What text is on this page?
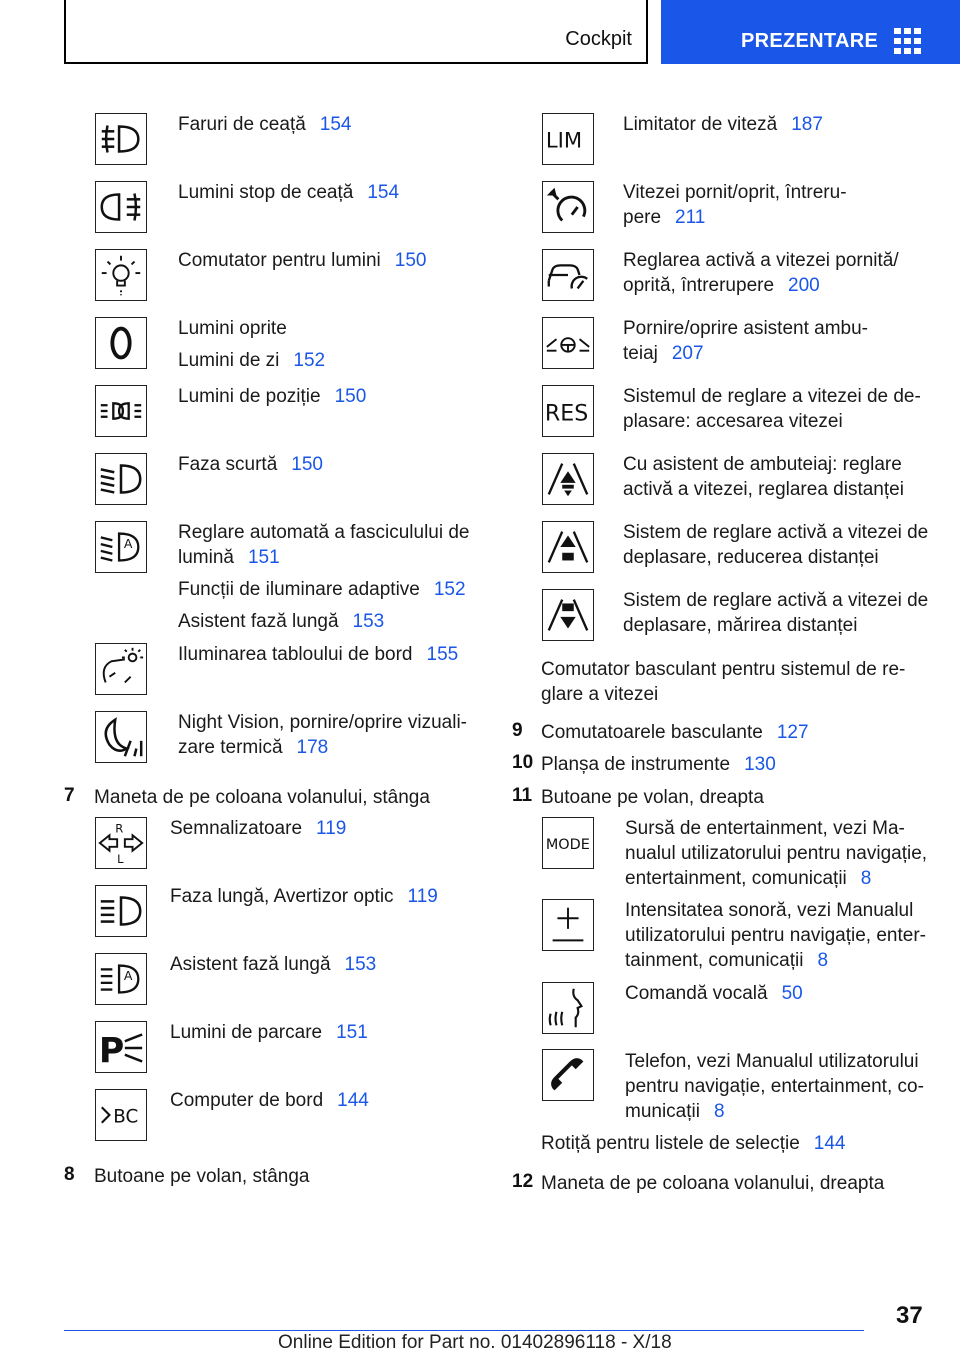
Cockpit	PREZENTARE
Faruri de ceață 154
Lumini stop de ceață 154
Comutator pentru lumini 150
Lumini oprite
Lumini de zi 152
Lumini de poziție 150
Faza scurtă 150
A
Reglare automată a fasciculului de
lumină 151
Funcții de iluminare adaptive 152
Asistent fază lungă 153
Iluminarea tabloului de bord 155
Night Vision, pornire/oprire vizuali-
zare termică 178
7 Maneta de pe coloana volanului, stânga
R
L
Semnalizatoare 119
Faza lungă, Avertizor optic 119
A
Asistent fază lungă 153
P Lumini de parcare 151
BC
Computer de bord 144
8 Butoane pe volan, stânga
LIM
Limitator de viteză 187
Vitezei pornit/oprit, întreru-
pere 211
Reglarea activă a vitezei pornită/
oprită, întrerupere 200
Pornire/oprire asistent ambu-
teiaj 207
RES
Sistemul de reglare a vitezei de de-
plasare: accesarea vitezei
Cu asistent de ambuteiaj: reglare
activă a vitezei, reglarea distanței
Sistem de reglare activă a vitezei de
deplasare, reducerea distanței
Sistem de reglare activă a vitezei de
deplasare, mărirea distanței
Comutator basculant pentru sistemul de re-
glare a vitezei
9 Comutatoarele basculante 127
10 Planșa de instrumente 130
11 Butoane pe volan, dreapta
MODE
Sursă de entertainment, vezi Ma-
nualul utilizatorului pentru navigație,
entertainment, comunicații 8
Intensitatea sonoră, vezi Manualul
utilizatorului pentru navigație, enter-
tainment, comunicații 8
Comandă vocală 50
Telefon, vezi Manualul utilizatorului
pentru navigație, entertainment, co-
municații 8
Rotiță pentru listele de selecție 144
12 Maneta de pe coloana volanului, dreapta
37
Online Edition for Part no. 01402896118 - X/18
